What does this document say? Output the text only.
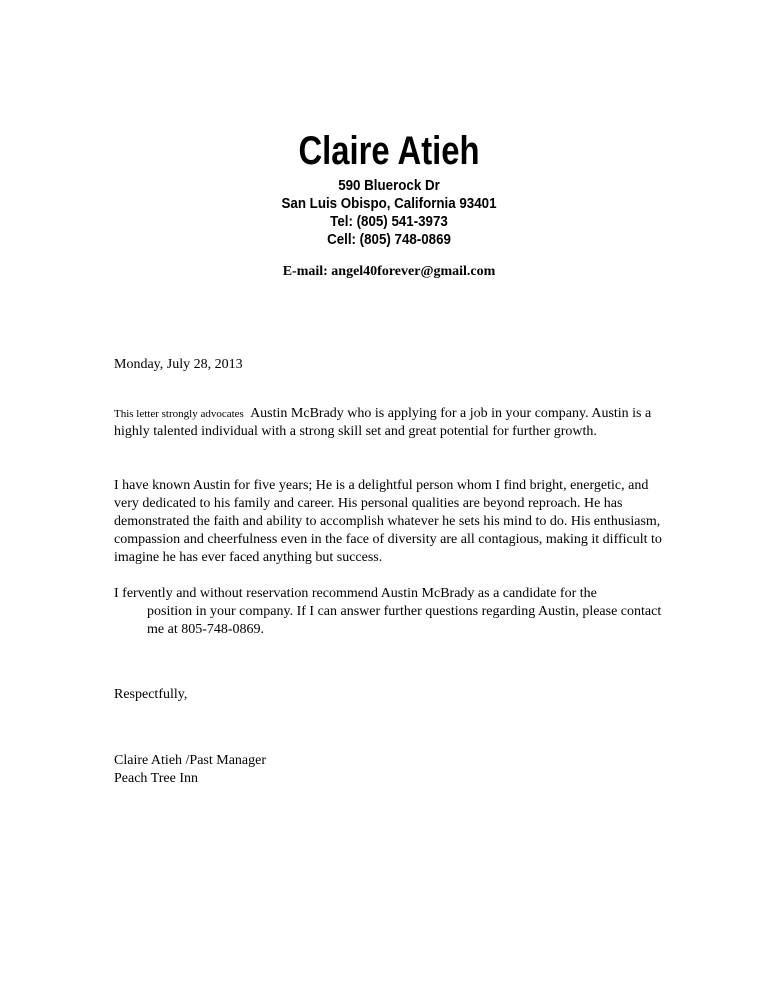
Claire Atieh
590 Bluerock Dr
San Luis Obispo, California 93401
Tel: (805) 541-3973
Cell: (805) 748-0869
E-mail: angel40forever@gmail.com
Monday, July 28, 2013

This letter strongly advocates Austin McBrady who is applying for a job in your company. Austin is a highly talented individual with a strong skill set and great potential for further growth.

I have known Austin for five years; He is a delightful person whom I find bright, energetic, and very dedicated to his family and career. His personal qualities are beyond reproach. He has demonstrated the faith and ability to accomplish whatever he sets his mind to do. His enthusiasm, compassion and cheerfulness even in the face of diversity are all contagious, making it difficult to imagine he has ever faced anything but success.

I fervently and without reservation recommend Austin McBrady as a candidate for the
position in your company. If I can answer further questions regarding Austin, please contact me at 805-748-0869.

Respectfully,
Claire Atieh /Past Manager
Peach Tree Inn
